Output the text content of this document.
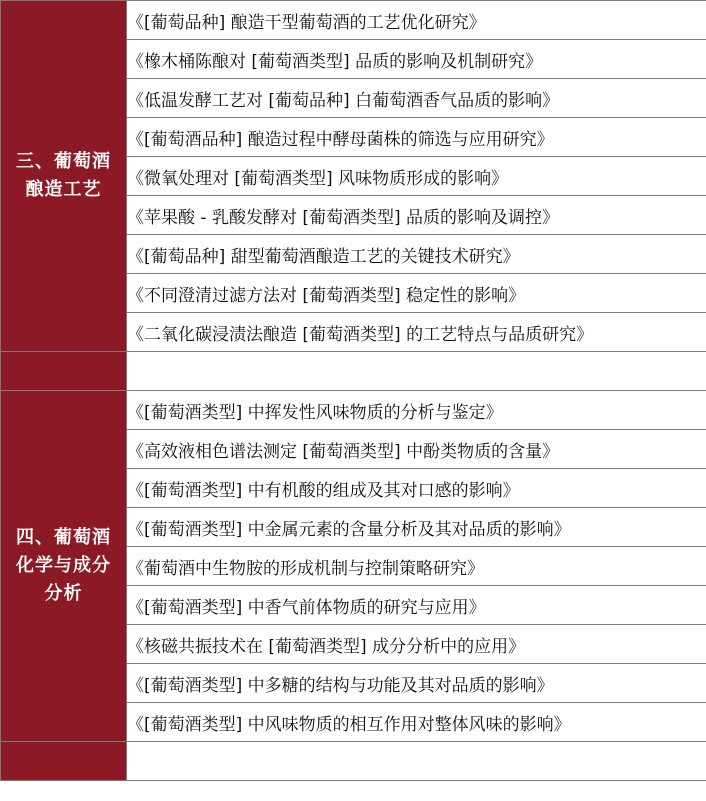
三、葡萄酒
酿造工艺	《[葡萄品种] 酿造干型葡萄酒的工艺优化研究》
	《橡木桶陈酿对 [葡萄酒类型] 品质的影响及机制研究》
	《低温发酵工艺对 [葡萄品种] 白葡萄酒香气品质的影响》
	《[葡萄酒品种] 酿造过程中酵母菌株的筛选与应用研究》
	《微氧处理对 [葡萄酒类型] 风味物质形成的影响》
	《苹果酸 - 乳酸发酵对 [葡萄酒类型] 品质的影响及调控》
	《[葡萄品种] 甜型葡萄酒酿造工艺的关键技术研究》
	《不同澄清过滤方法对 [葡萄酒类型] 稳定性的影响》
	《二氧化碳浸渍法酿造 [葡萄酒类型] 的工艺特点与品质研究》

四、葡萄酒
化学与成分
分析	《[葡萄酒类型] 中挥发性风味物质的分析与鉴定》
	《高效液相色谱法测定 [葡萄酒类型] 中酚类物质的含量》
	《[葡萄酒类型] 中有机酸的组成及其对口感的影响》
	《[葡萄酒类型] 中金属元素的含量分析及其对品质的影响》
	《葡萄酒中生物胺的形成机制与控制策略研究》
	《[葡萄酒类型] 中香气前体物质的研究与应用》
	《核磁共振技术在 [葡萄酒类型] 成分分析中的应用》
	《[葡萄酒类型] 中多糖的结构与功能及其对品质的影响》
	《[葡萄酒类型] 中风味物质的相互作用对整体风味的影响》
